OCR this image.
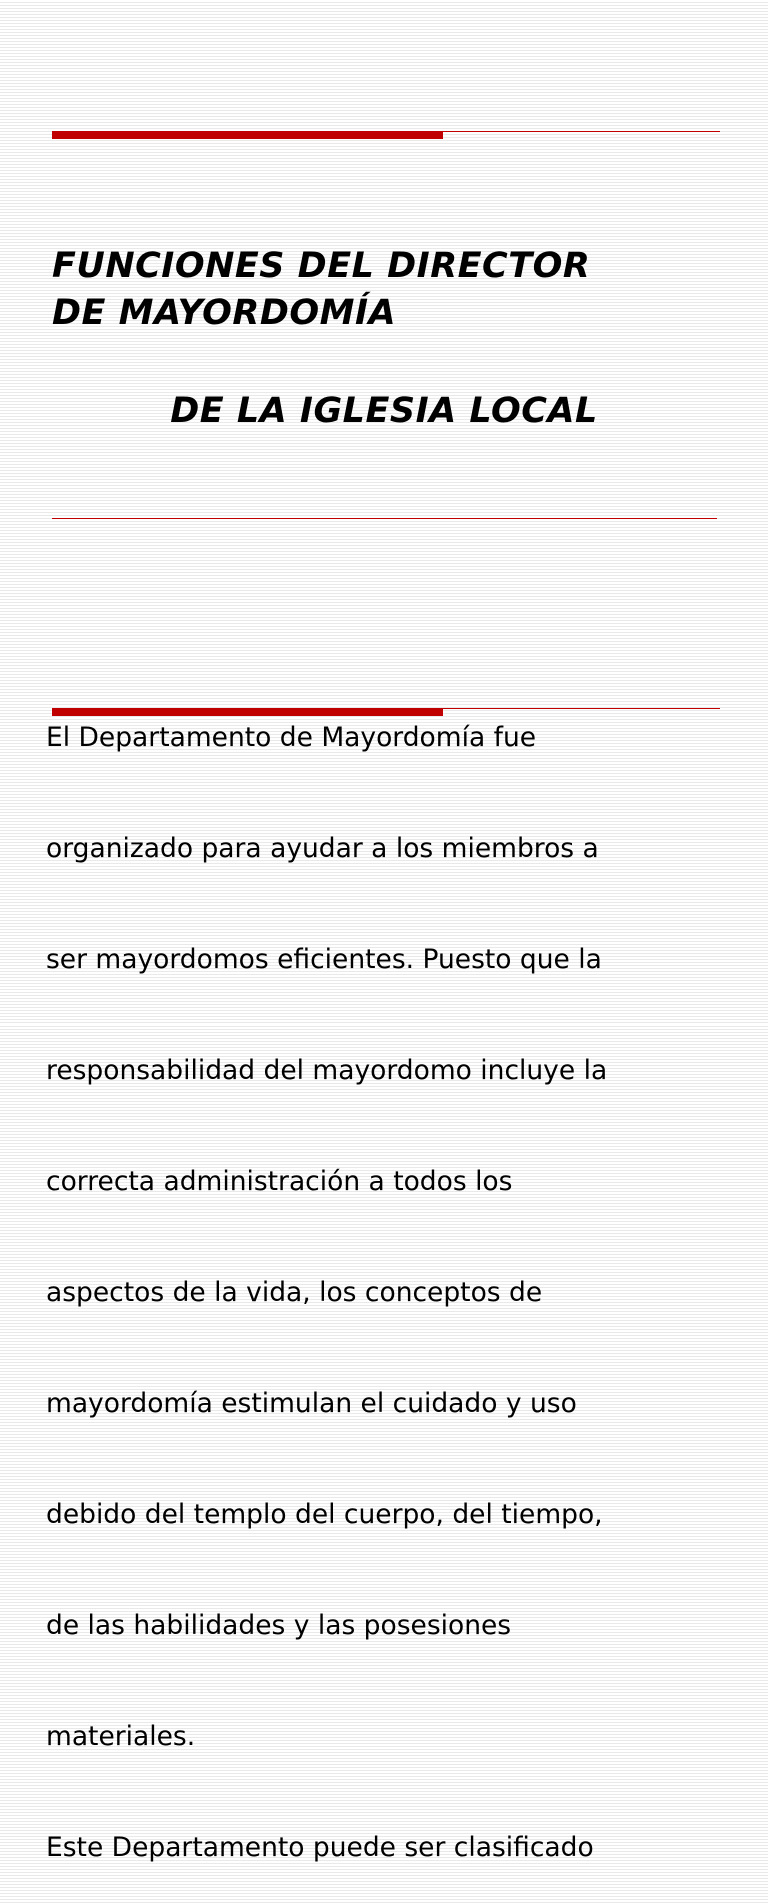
FUNCIONES DEL DIRECTOR
DE MAYORDOMÍA
DE LA IGLESIA LOCAL

El Departamento de Mayordomía fue

organizado para ayudar a los miembros a

ser mayordomos eficientes. Puesto que la

responsabilidad del mayordomo incluye la

correcta administración a todos los

aspectos de la vida, los conceptos de

mayordomía estimulan el cuidado y uso

debido del templo del cuerpo, del tiempo,

de las habilidades y las posesiones

materiales.

Este Departamento puede ser clasificado
